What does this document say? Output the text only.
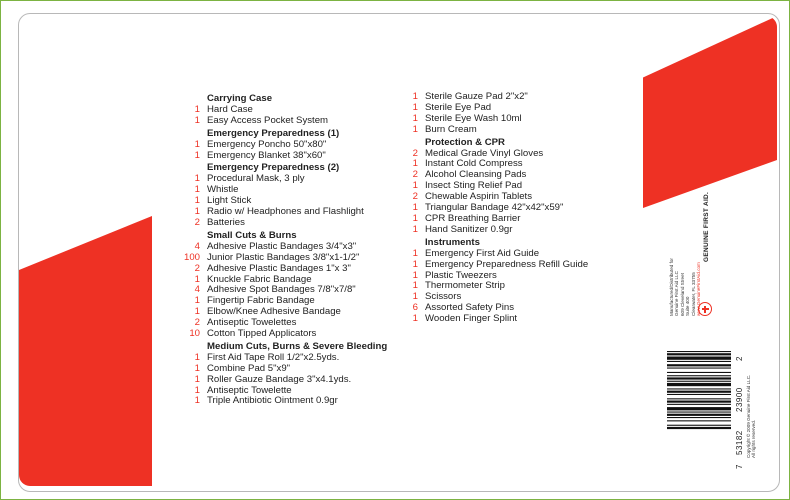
Carrying Case
1 Hard Case
1 Easy Access Pocket System
Emergency Preparedness (1)
1 Emergency Poncho 50"x80"
1 Emergency Blanket 38"x60"
Emergency Preparedness (2)
1 Procedural Mask, 3 ply
1 Whistle
1 Light Stick
1 Radio w/ Headphones and Flashlight
2 Batteries
Small Cuts & Burns
4 Adhesive Plastic Bandages 3/4"x3"
100 Junior Plastic Bandages 3/8"x1-1/2"
2 Adhesive Plastic Bandages 1"x 3"
1 Knuckle Fabric Bandage
4 Adhesive Spot Bandages 7/8"x7/8"
1 Fingertip Fabric Bandage
1 Elbow/Knee Adhesive Bandage
2 Antiseptic Towelettes
10 Cotton Tipped Applicators
Medium Cuts, Burns & Severe Bleeding
1 First Aid Tape Roll 1/2"x2.5yds.
1 Combine Pad 5"x9"
1 Roller Gauze Bandage 3"x4.1yds.
1 Antiseptic Towelette
1 Triple Antibiotic Ointment 0.9gr
1 Sterile Gauze Pad 2"x2"
1 Sterile Eye Pad
1 Sterile Eye Wash 10ml
1 Burn Cream
Protection & CPR
2 Medical Grade Vinyl Gloves
1 Instant Cold Compress
2 Alcohol Cleansing Pads
1 Insect Sting Relief Pad
2 Chewable Aspirin Tablets
1 Triangular Bandage 42"x42"x59"
1 CPR Breathing Barrier
1 Hand Sanitizer 0.9gr
Instruments
1 Emergency First Aid Guide
1 Emergency Preparedness Refill Guide
1 Plastic Tweezers
1 Thermometer Strip
1 Scissors
6 Assorted Safety Pins
1 Wooden Finger Splint
GENUINE FIRST AID.
Manufactured/Distributed for Genuine First Aid LLC 609 Cleveland Street Suite 400 Clearwater, FL 33755 www.GenuineFirstAid.com
7
53182
23900
2
Copyright © 2009 Genuine First Aid LLC. All rights reserved.
